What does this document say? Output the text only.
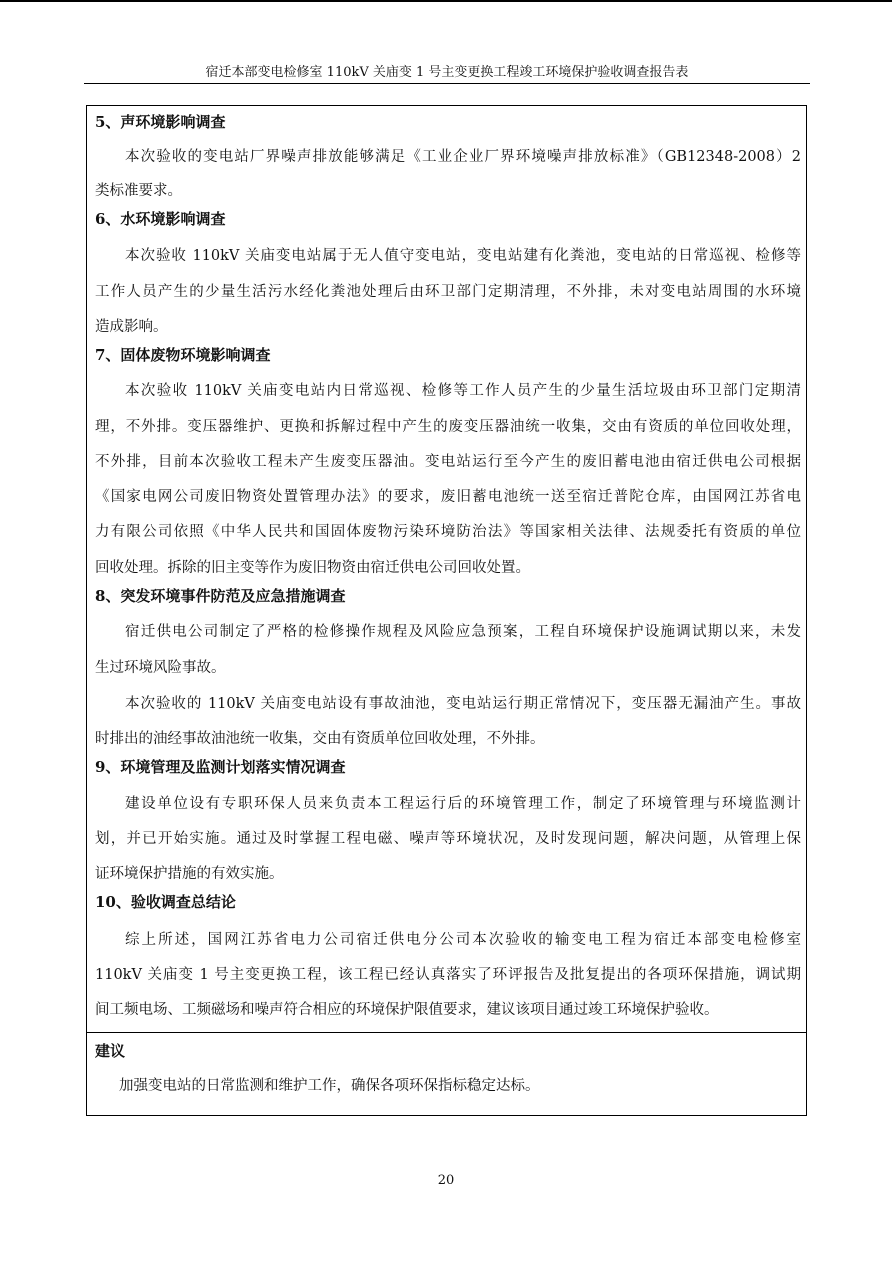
宿迁本部变电检修室 110kV 关庙变 1 号主变更换工程竣工环境保护验收调查报告表
5、声环境影响调查
本次验收的变电站厂界噪声排放能够满足《工业企业厂界环境噪声排放标准》（GB12348-2008）2
类标准要求。
6、水环境影响调查
本次验收 110kV 关庙变电站属于无人值守变电站，变电站建有化粪池，变电站的日常巡视、检修等
工作人员产生的少量生活污水经化粪池处理后由环卫部门定期清理，不外排，未对变电站周围的水环境
造成影响。
7、固体废物环境影响调查
本次验收 110kV 关庙变电站内日常巡视、检修等工作人员产生的少量生活垃圾由环卫部门定期清
理，不外排。变压器维护、更换和拆解过程中产生的废变压器油统一收集，交由有资质的单位回收处理，
不外排，目前本次验收工程未产生废变压器油。变电站运行至今产生的废旧蓄电池由宿迁供电公司根据
《国家电网公司废旧物资处置管理办法》的要求，废旧蓄电池统一送至宿迁普陀仓库，由国网江苏省电
力有限公司依照《中华人民共和国固体废物污染环境防治法》等国家相关法律、法规委托有资质的单位
回收处理。拆除的旧主变等作为废旧物资由宿迁供电公司回收处置。
8、突发环境事件防范及应急措施调查
宿迁供电公司制定了严格的检修操作规程及风险应急预案，工程自环境保护设施调试期以来，未发
生过环境风险事故。
本次验收的 110kV 关庙变电站设有事故油池，变电站运行期正常情况下，变压器无漏油产生。事故
时排出的油经事故油池统一收集，交由有资质单位回收处理，不外排。
9、环境管理及监测计划落实情况调查
建设单位设有专职环保人员来负责本工程运行后的环境管理工作，制定了环境管理与环境监测计
划，并已开始实施。通过及时掌握工程电磁、噪声等环境状况，及时发现问题，解决问题，从管理上保
证环境保护措施的有效实施。
10、验收调查总结论
综上所述，国网江苏省电力公司宿迁供电分公司本次验收的输变电工程为宿迁本部变电检修室
110kV 关庙变 1 号主变更换工程，该工程已经认真落实了环评报告及批复提出的各项环保措施，调试期
间工频电场、工频磁场和噪声符合相应的环境保护限值要求，建议该项目通过竣工环境保护验收。
建议
加强变电站的日常监测和维护工作，确保各项环保指标稳定达标。
20
